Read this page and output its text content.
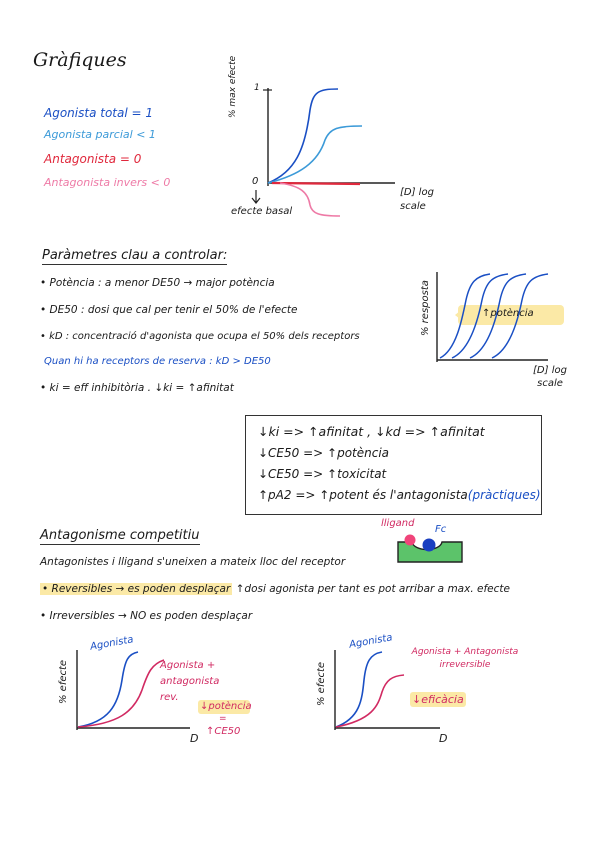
Gràfiques
Agonista total = 1
Agonista parcial < 1
Antagonista = 0
Antagonista invers < 0
% max efecte 1
0
[D] log scale
efecte basal
Paràmetres clau a controlar:
• Potència : a menor DE50 → major potència
• DE50 : dosi que cal per tenir el 50% de l'efecte
• kD : concentració d'agonista que ocupa el 50% dels receptors
Quan hi ha receptors de reserva : kD > DE50
• ki = eff inhibitòria . ↓ki = ↑afinitat
% resposta	↑potència
[D] log scale
↓ki => ↑afinitat , ↓kd => ↑afinitat
↓CE50 => ↑potència
↓CE50 => ↑toxicitat
↑pA2 => ↑potent és l'antagonista(pràctiques)
Antagonisme competitiu
Antagonistes i lligand s'uneixen a mateix lloc del receptor
• Reversibles → es poden desplaçar ↑dosi agonista per tant es pot arribar a max. efecte
• Irreversibles → NO es poden desplaçar
lligand
Fc
% efecte
Agonista
Agonista + antagonista rev.
↓potència
=
↑CE50
D
% efecte
Agonista
Agonista + Antagonista irreversible
↓eficàcia
D
